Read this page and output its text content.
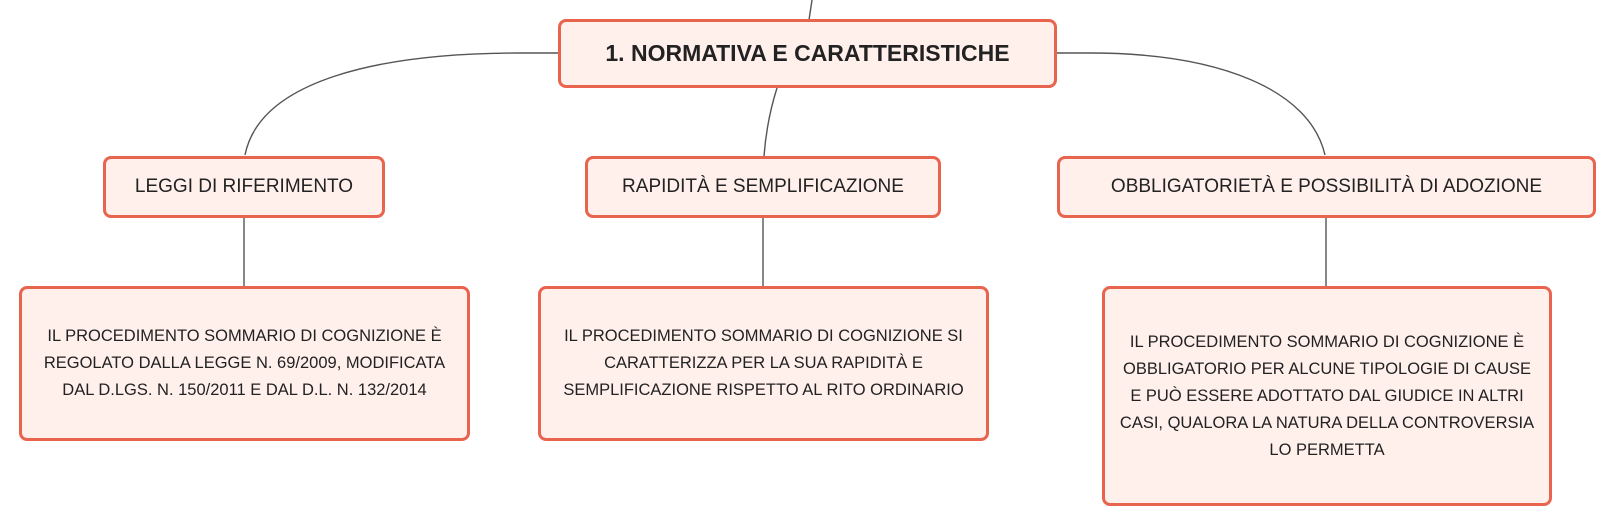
1. NORMATIVA E CARATTERISTICHE
LEGGI DI RIFERIMENTO	RAPIDITÀ E SEMPLIFICAZIONE	OBBLIGATORIETÀ E POSSIBILITÀ DI ADOZIONE
IL PROCEDIMENTO SOMMARIO DI COGNIZIONE È REGOLATO DALLA LEGGE N. 69/2009, MODIFICATA DAL D.LGS. N. 150/2011 E DAL D.L. N. 132/2014
IL PROCEDIMENTO SOMMARIO DI COGNIZIONE SI CARATTERIZZA PER LA SUA RAPIDITÀ E SEMPLIFICAZIONE RISPETTO AL RITO ORDINARIO
IL PROCEDIMENTO SOMMARIO DI COGNIZIONE È OBBLIGATORIO PER ALCUNE TIPOLOGIE DI CAUSE E PUÒ ESSERE ADOTTATO DAL GIUDICE IN ALTRI CASI, QUALORA LA NATURA DELLA CONTROVERSIA LO PERMETTA
